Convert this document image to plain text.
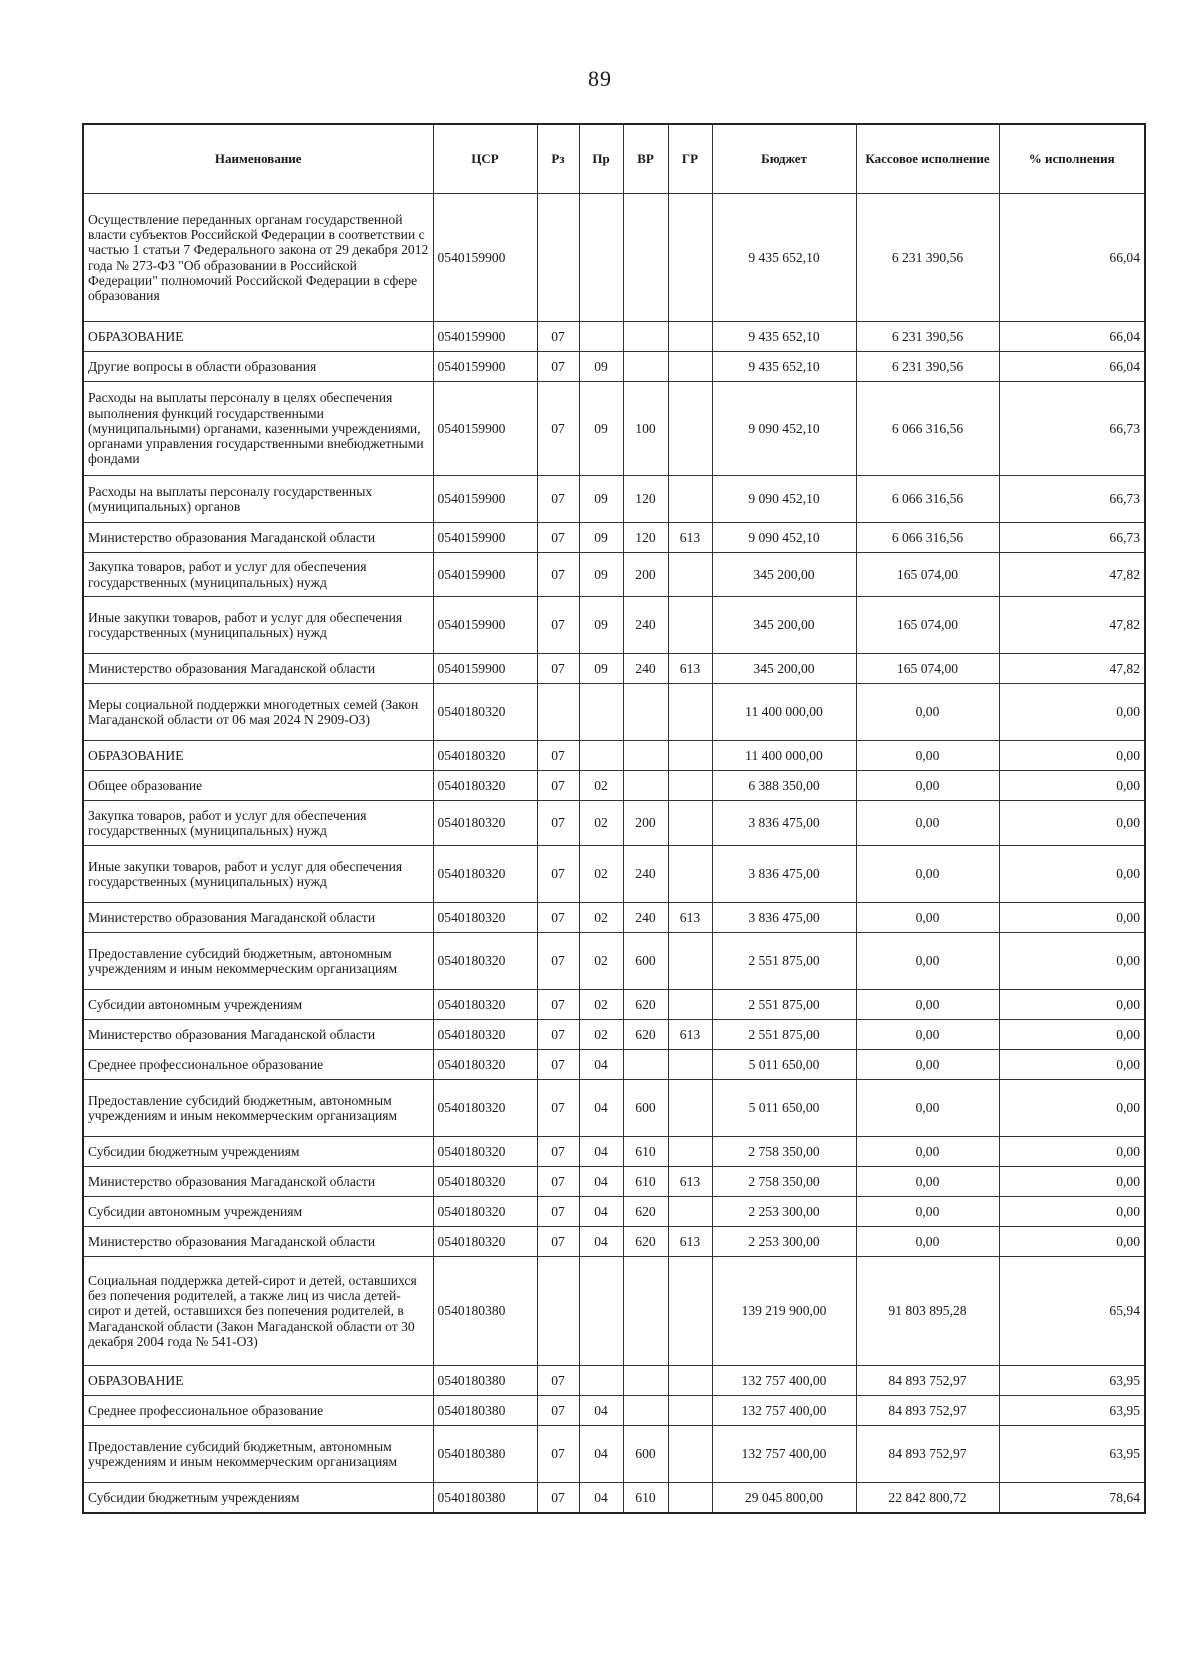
89
Наименование	ЦСР	Рз	Пр	ВР	ГР	Бюджет	Кассовое исполнение	% исполнения
Осуществление переданных органам государственной власти субъектов Российской Федерации в соответствии с частью 1 статьи 7 Федерального закона от 29 декабря 2012 года № 273-ФЗ "Об образовании в Российской Федерации" полномочий Российской Федерации в сфере образования	0540159900					9 435 652,10	6 231 390,56	66,04
ОБРАЗОВАНИЕ	0540159900	07				9 435 652,10	6 231 390,56	66,04
Другие вопросы в области образования	0540159900	07	09			9 435 652,10	6 231 390,56	66,04
Расходы на выплаты персоналу в целях обеспечения выполнения функций государственными (муниципальными) органами, казенными учреждениями, органами управления государственными внебюджетными фондами	0540159900	07	09	100		9 090 452,10	6 066 316,56	66,73
Расходы на выплаты персоналу государственных (муниципальных) органов	0540159900	07	09	120		9 090 452,10	6 066 316,56	66,73
Министерство образования Магаданской области	0540159900	07	09	120	613	9 090 452,10	6 066 316,56	66,73
Закупка товаров, работ и услуг для обеспечения государственных (муниципальных) нужд	0540159900	07	09	200		345 200,00	165 074,00	47,82
Иные закупки товаров, работ и услуг для обеспечения государственных (муниципальных) нужд	0540159900	07	09	240		345 200,00	165 074,00	47,82
Министерство образования Магаданской области	0540159900	07	09	240	613	345 200,00	165 074,00	47,82
Меры социальной поддержки многодетных семей (Закон Магаданской области от 06 мая 2024 N 2909-ОЗ)	0540180320					11 400 000,00	0,00	0,00
ОБРАЗОВАНИЕ	0540180320	07				11 400 000,00	0,00	0,00
Общее образование	0540180320	07	02			6 388 350,00	0,00	0,00
Закупка товаров, работ и услуг для обеспечения государственных (муниципальных) нужд	0540180320	07	02	200		3 836 475,00	0,00	0,00
Иные закупки товаров, работ и услуг для обеспечения государственных (муниципальных) нужд	0540180320	07	02	240		3 836 475,00	0,00	0,00
Министерство образования Магаданской области	0540180320	07	02	240	613	3 836 475,00	0,00	0,00
Предоставление субсидий бюджетным, автономным учреждениям и иным некоммерческим организациям	0540180320	07	02	600		2 551 875,00	0,00	0,00
Субсидии автономным учреждениям	0540180320	07	02	620		2 551 875,00	0,00	0,00
Министерство образования Магаданской области	0540180320	07	02	620	613	2 551 875,00	0,00	0,00
Среднее профессиональное образование	0540180320	07	04			5 011 650,00	0,00	0,00
Предоставление субсидий бюджетным, автономным учреждениям и иным некоммерческим организациям	0540180320	07	04	600		5 011 650,00	0,00	0,00
Субсидии бюджетным учреждениям	0540180320	07	04	610		2 758 350,00	0,00	0,00
Министерство образования Магаданской области	0540180320	07	04	610	613	2 758 350,00	0,00	0,00
Субсидии автономным учреждениям	0540180320	07	04	620		2 253 300,00	0,00	0,00
Министерство образования Магаданской области	0540180320	07	04	620	613	2 253 300,00	0,00	0,00
Социальная поддержка детей-сирот и детей, оставшихся без попечения родителей, а также лиц из числа детей-сирот и детей, оставшихся без попечения родителей, в Магаданской области (Закон Магаданской области от 30 декабря 2004 года № 541-ОЗ)	0540180380					139 219 900,00	91 803 895,28	65,94
ОБРАЗОВАНИЕ	0540180380	07				132 757 400,00	84 893 752,97	63,95
Среднее профессиональное образование	0540180380	07	04			132 757 400,00	84 893 752,97	63,95
Предоставление субсидий бюджетным, автономным учреждениям и иным некоммерческим организациям	0540180380	07	04	600		132 757 400,00	84 893 752,97	63,95
Субсидии бюджетным учреждениям	0540180380	07	04	610		29 045 800,00	22 842 800,72	78,64
